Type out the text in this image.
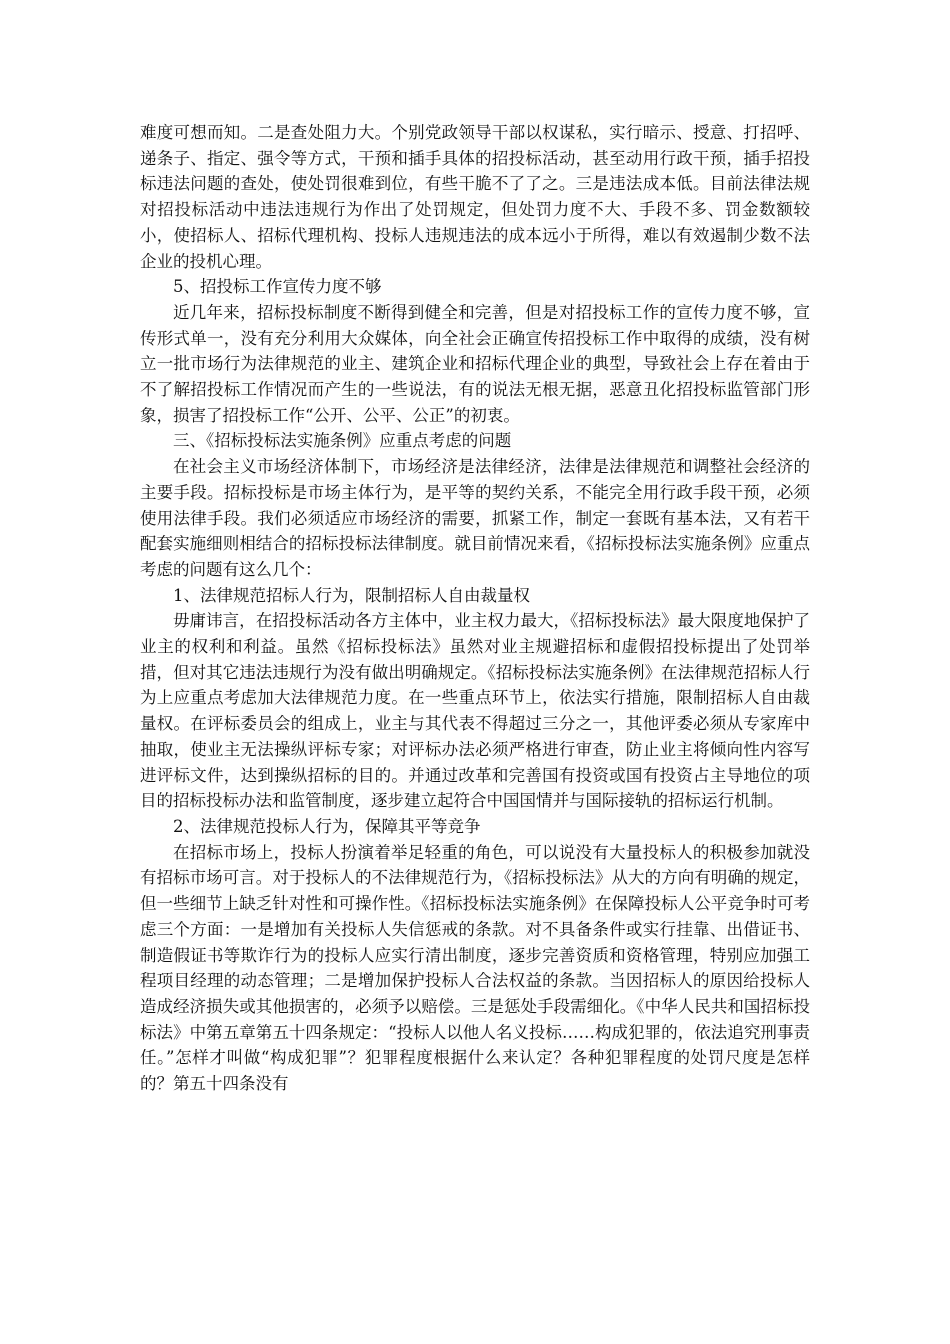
难度可想而知。二是查处阻力大。个别党政领导干部以权谋私，实行暗示、授意、打招呼、递条子、指定、强令等方式，干预和插手具体的招投标活动，甚至动用行政干预，插手招投标违法问题的查处，使处罚很难到位，有些干脆不了了之。三是违法成本低。目前法律法规对招投标活动中违法违规行为作出了处罚规定，但处罚力度不大、手段不多、罚金数额较小，使招标人、招标代理机构、投标人违规违法的成本远小于所得，难以有效遏制少数不法企业的投机心理。

5、招投标工作宣传力度不够

近几年来，招标投标制度不断得到健全和完善，但是对招投标工作的宣传力度不够，宣传形式单一，没有充分利用大众媒体，向全社会正确宣传招投标工作中取得的成绩，没有树立一批市场行为法律规范的业主、建筑企业和招标代理企业的典型，导致社会上存在着由于不了解招投标工作情况而产生的一些说法，有的说法无根无据，恶意丑化招投标监管部门形象，损害了招投标工作“公开、公平、公正”的初衷。

三、《招标投标法实施条例》应重点考虑的问题

在社会主义市场经济体制下，市场经济是法律经济，法律是法律规范和调整社会经济的主要手段。招标投标是市场主体行为，是平等的契约关系，不能完全用行政手段干预，必须使用法律手段。我们必须适应市场经济的需要，抓紧工作，制定一套既有基本法，又有若干配套实施细则相结合的招标投标法律制度。就目前情况来看，《招标投标法实施条例》应重点考虑的问题有这么几个：

1、法律规范招标人行为，限制招标人自由裁量权

毋庸讳言，在招投标活动各方主体中，业主权力最大，《招标投标法》最大限度地保护了业主的权利和利益。虽然《招标投标法》虽然对业主规避招标和虚假招投标提出了处罚举措，但对其它违法违规行为没有做出明确规定。《招标投标法实施条例》在法律规范招标人行为上应重点考虑加大法律规范力度。在一些重点环节上，依法实行措施，限制招标人自由裁量权。在评标委员会的组成上，业主与其代表不得超过三分之一，其他评委必须从专家库中抽取，使业主无法操纵评标专家；对评标办法必须严格进行审查，防止业主将倾向性内容写进评标文件，达到操纵招标的目的。并通过改革和完善国有投资或国有投资占主导地位的项目的招标投标办法和监管制度，逐步建立起符合中国国情并与国际接轨的招标运行机制。

2、法律规范投标人行为，保障其平等竞争

在招标市场上，投标人扮演着举足轻重的角色，可以说没有大量投标人的积极参加就没有招标市场可言。对于投标人的不法律规范行为，《招标投标法》从大的方向有明确的规定，但一些细节上缺乏针对性和可操作性。《招标投标法实施条例》在保障投标人公平竞争时可考虑三个方面：一是增加有关投标人失信惩戒的条款。对不具备条件或实行挂靠、出借证书、制造假证书等欺诈行为的投标人应实行清出制度，逐步完善资质和资格管理，特别应加强工程项目经理的动态管理；二是增加保护投标人合法权益的条款。当因招标人的原因给投标人造成经济损失或其他损害的，必须予以赔偿。三是惩处手段需细化。《中华人民共和国招标投标法》中第五章第五十四条规定：“投标人以他人名义投标……构成犯罪的，依法追究刑事责任。”怎样才叫做“构成犯罪”？犯罪程度根据什么来认定？各种犯罪程度的处罚尺度是怎样的？第五十四条没有
